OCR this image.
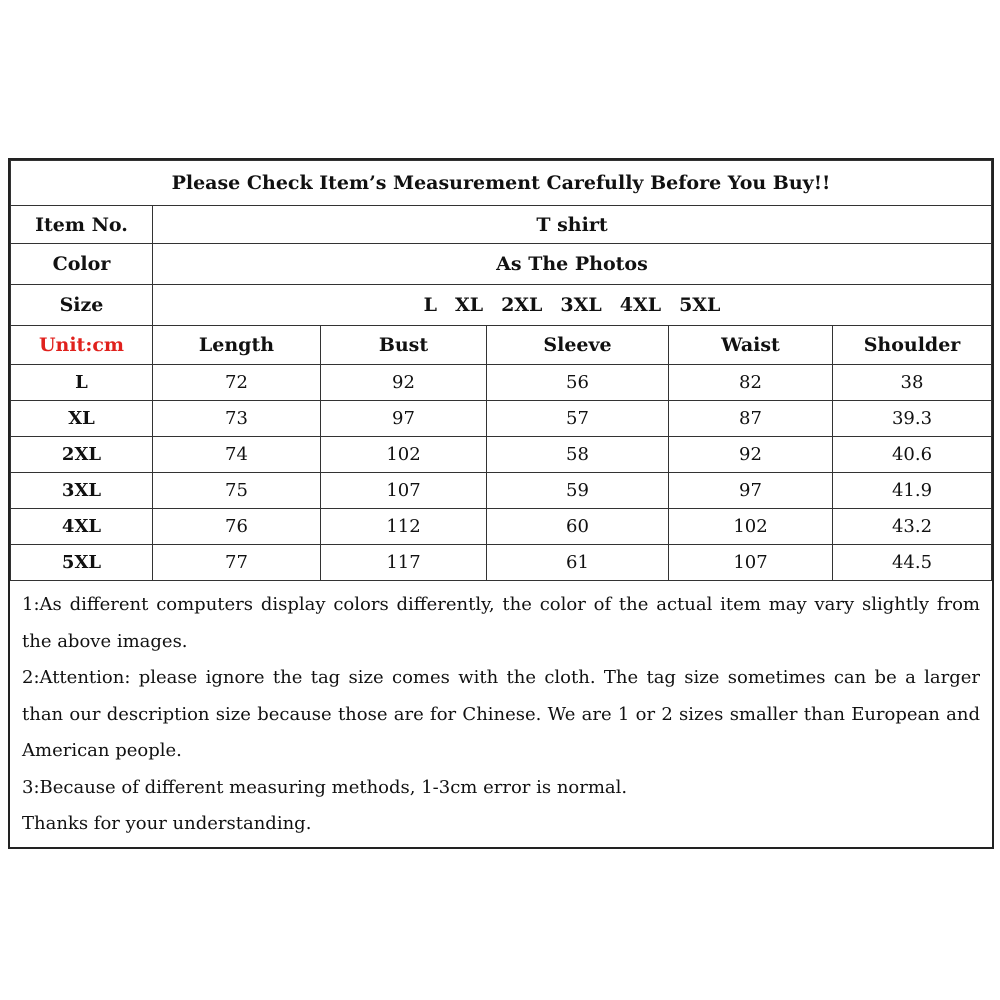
Please Check Item’s Measurement Carefully Before You Buy!!					
Item No.	T shirt				
Color	As The Photos				
Size	L XL 2XL 3XL 4XL 5XL				
Unit:cm	Length	Bust	Sleeve	Waist	Shoulder
L	72	92	56	82	38
XL	73	97	57	87	39.3
2XL	74	102	58	92	40.6
3XL	75	107	59	97	41.9
4XL	76	112	60	102	43.2
5XL	77	117	61	107	44.5

1:As different computers display colors differently, the color of the actual item may vary slightly from the above images.

2:Attention: please ignore the tag size comes with the cloth. The tag size sometimes can be a larger than our description size because those are for Chinese. We are 1 or 2 sizes smaller than European and American people.

3:Because of different measuring methods, 1-3cm error is normal.

Thanks for your understanding.
